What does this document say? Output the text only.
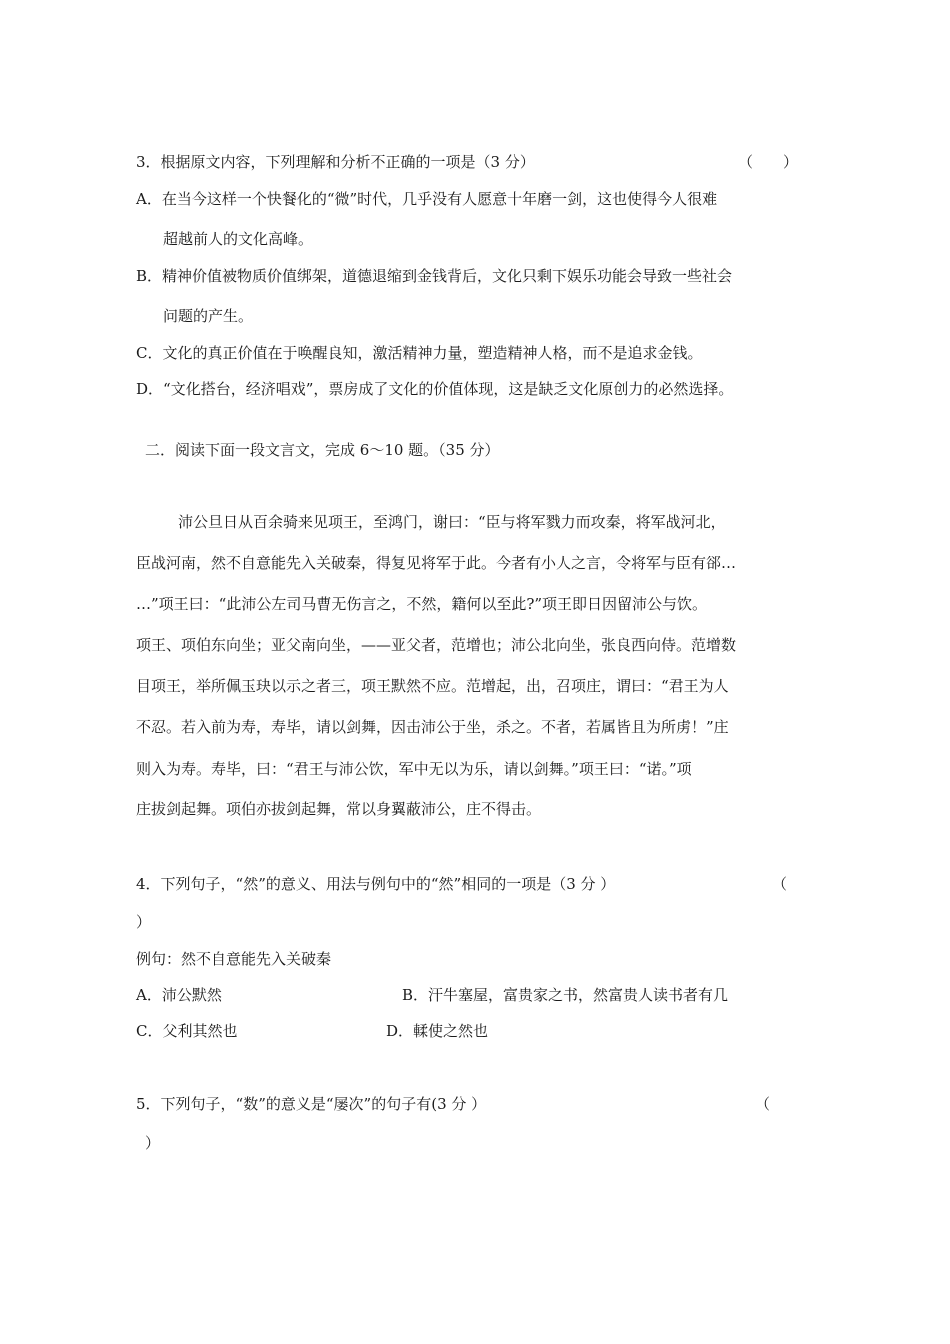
3．根据原文内容，下列理解和分析不正确的一项是（3 分）	（　　）
A．在当今这样一个快餐化的“微”时代，几乎没有人愿意十年磨一剑，这也使得今人很难
超越前人的文化高峰。
B．精神价值被物质价值绑架，道德退缩到金钱背后，文化只剩下娱乐功能会导致一些社会
问题的产生。
C．文化的真正价值在于唤醒良知，激活精神力量，塑造精神人格，而不是追求金钱。
D．“文化搭台，经济唱戏”，票房成了文化的价值体现，这是缺乏文化原创力的必然选择。
二．阅读下面一段文言文，完成 6～10 题。（35 分）
沛公旦日从百余骑来见项王，至鸿门，谢曰：“臣与将军戮力而攻秦，将军战河北，
臣战河南，然不自意能先入关破秦，得复见将军于此。今者有小人之言，令将军与臣有郤…
…”项王曰：“此沛公左司马曹无伤言之，不然，籍何以至此?”项王即日因留沛公与饮。
项王、项伯东向坐；亚父南向坐，——亚父者，范增也；沛公北向坐，张良西向侍。范增数
目项王，举所佩玉玦以示之者三，项王默然不应。范增起，出，召项庄，谓曰：“君王为人
不忍。若入前为寿，寿毕，请以剑舞，因击沛公于坐，杀之。不者，若属皆且为所虏！”庄
则入为寿。寿毕，曰：“君王与沛公饮，军中无以为乐，请以剑舞。”项王曰：“诺。”项
庄拔剑起舞。项伯亦拔剑起舞，常以身翼蔽沛公，庄不得击。
4．下列句子，“然”的意义、用法与例句中的“然”相同的一项是（3 分 ）	（
）
例句：然不自意能先入关破秦
A．沛公默然	B．汗牛塞屋，富贵家之书，然富贵人读书者有几
C．父利其然也	D．輮使之然也
5．下列句子，“数”的意义是“屡次”的句子有(3 分 ）	（
）
